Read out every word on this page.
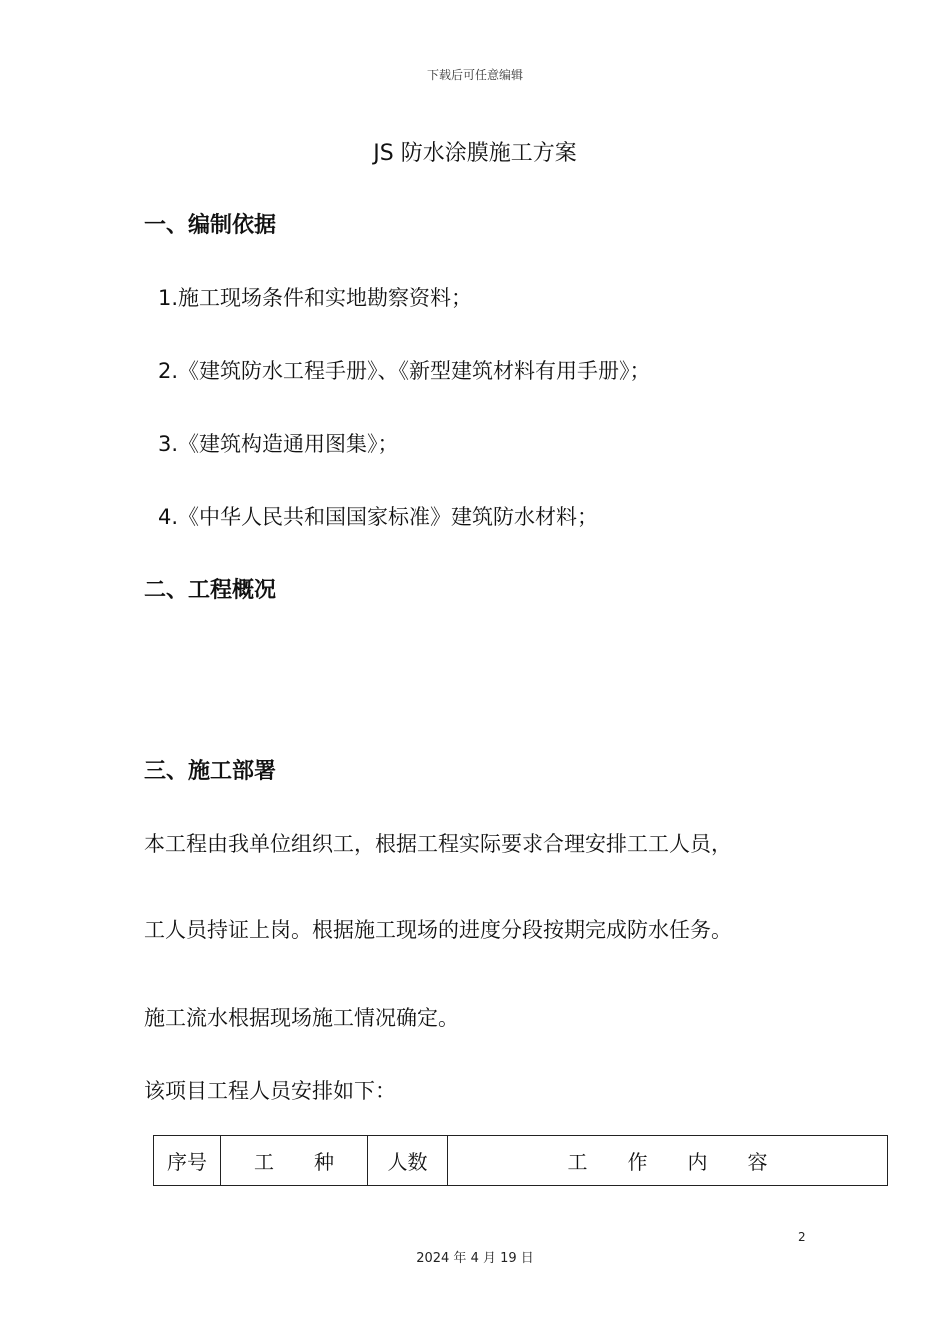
下载后可任意编辑
JS 防水涂膜施工方案
一、编制依据
1.施工现场条件和实地勘察资料；
2.《建筑防水工程手册》、《新型建筑材料有用手册》；
3.《建筑构造通用图集》；
4.《中华人民共和国国家标准》建筑防水材料；
二、工程概况
三、施工部署
本工程由我单位组织工，根据工程实际要求合理安排工工人员，
工人员持证上岗。根据施工现场的进度分段按期完成防水任务。
施工流水根据现场施工情况确定。
该项目工程人员安排如下：
序号	工　　种	人数	工　　作　　内　　容
2
2024 年 4 月 19 日
